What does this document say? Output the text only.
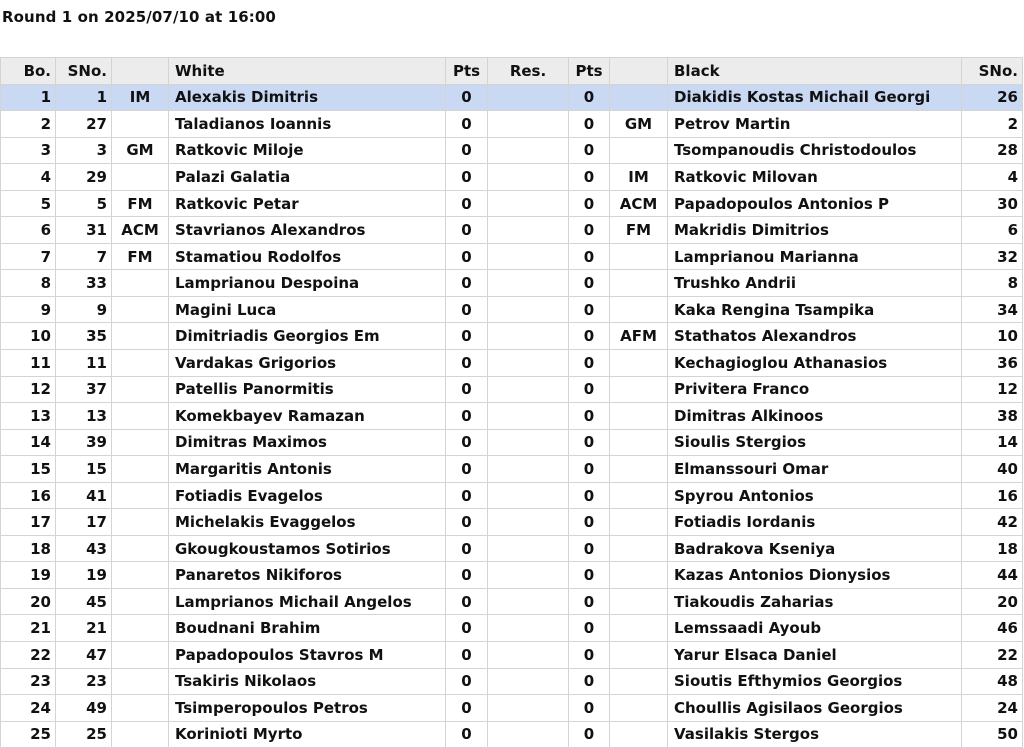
Round 1 on 2025/07/10 at 16:00
Bo.	SNo.		White	Pts	Res.	Pts		Black	SNo.
1	1	IM	Alexakis Dimitris	0		0		Diakidis Kostas Michail Georgi	26
2	27		Taladianos Ioannis	0		0	GM	Petrov Martin	2
3	3	GM	Ratkovic Miloje	0		0		Tsompanoudis Christodoulos	28
4	29		Palazi Galatia	0		0	IM	Ratkovic Milovan	4
5	5	FM	Ratkovic Petar	0		0	ACM	Papadopoulos Antonios P	30
6	31	ACM	Stavrianos Alexandros	0		0	FM	Makridis Dimitrios	6
7	7	FM	Stamatiou Rodolfos	0		0		Lamprianou Marianna	32
8	33		Lamprianou Despoina	0		0		Trushko Andrii	8
9	9		Magini Luca	0		0		Kaka Rengina Tsampika	34
10	35		Dimitriadis Georgios Em	0		0	AFM	Stathatos Alexandros	10
11	11		Vardakas Grigorios	0		0		Kechagioglou Athanasios	36
12	37		Patellis Panormitis	0		0		Privitera Franco	12
13	13		Komekbayev Ramazan	0		0		Dimitras Alkinoos	38
14	39		Dimitras Maximos	0		0		Sioulis Stergios	14
15	15		Margaritis Antonis	0		0		Elmanssouri Omar	40
16	41		Fotiadis Evagelos	0		0		Spyrou Antonios	16
17	17		Michelakis Evaggelos	0		0		Fotiadis Iordanis	42
18	43		Gkougkoustamos Sotirios	0		0		Badrakova Kseniya	18
19	19		Panaretos Nikiforos	0		0		Kazas Antonios Dionysios	44
20	45		Lamprianos Michail Angelos	0		0		Tiakoudis Zaharias	20
21	21		Boudnani Brahim	0		0		Lemssaadi Ayoub	46
22	47		Papadopoulos Stavros M	0		0		Yarur Elsaca Daniel	22
23	23		Tsakiris Nikolaos	0		0		Sioutis Efthymios Georgios	48
24	49		Tsimperopoulos Petros	0		0		Choullis Agisilaos Georgios	24
25	25		Korinioti Myrto	0		0		Vasilakis Stergos	50
